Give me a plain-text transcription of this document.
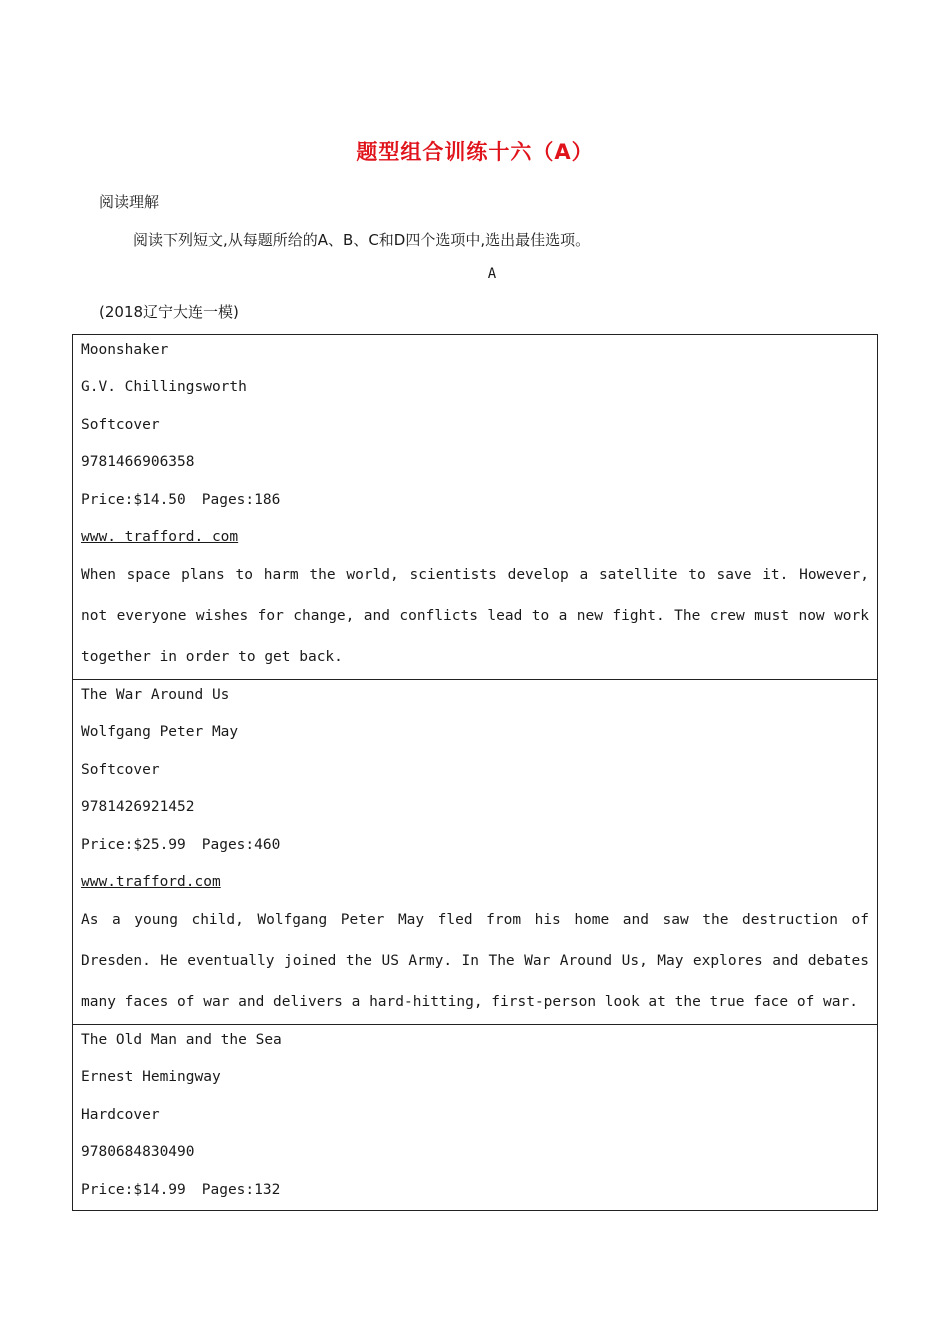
题型组合训练十六（A）
阅读理解
阅读下列短文,从每题所给的A、B、C和D四个选项中,选出最佳选项。
A
(2018辽宁大连一模)
Moonshaker
G.V. Chillingsworth
Softcover
9781466906358
Price:$14.50 Pages:186
www. trafford. com
When space plans to harm the world, scientists develop a satellite to save it. However, not everyone wishes for change, and conflicts lead to a new fight. The crew must now work together in order to get back.
The War Around Us
Wolfgang Peter May
Softcover
9781426921452
Price:$25.99 Pages:460
www.trafford.com
As a young child, Wolfgang Peter May fled from his home and saw the destruction of Dresden. He eventually joined the US Army. In The War Around Us, May explores and debates many faces of war and delivers a hard-hitting, first-person look at the true face of war.
The Old Man and the Sea
Ernest Hemingway
Hardcover
9780684830490
Price:$14.99 Pages:132
